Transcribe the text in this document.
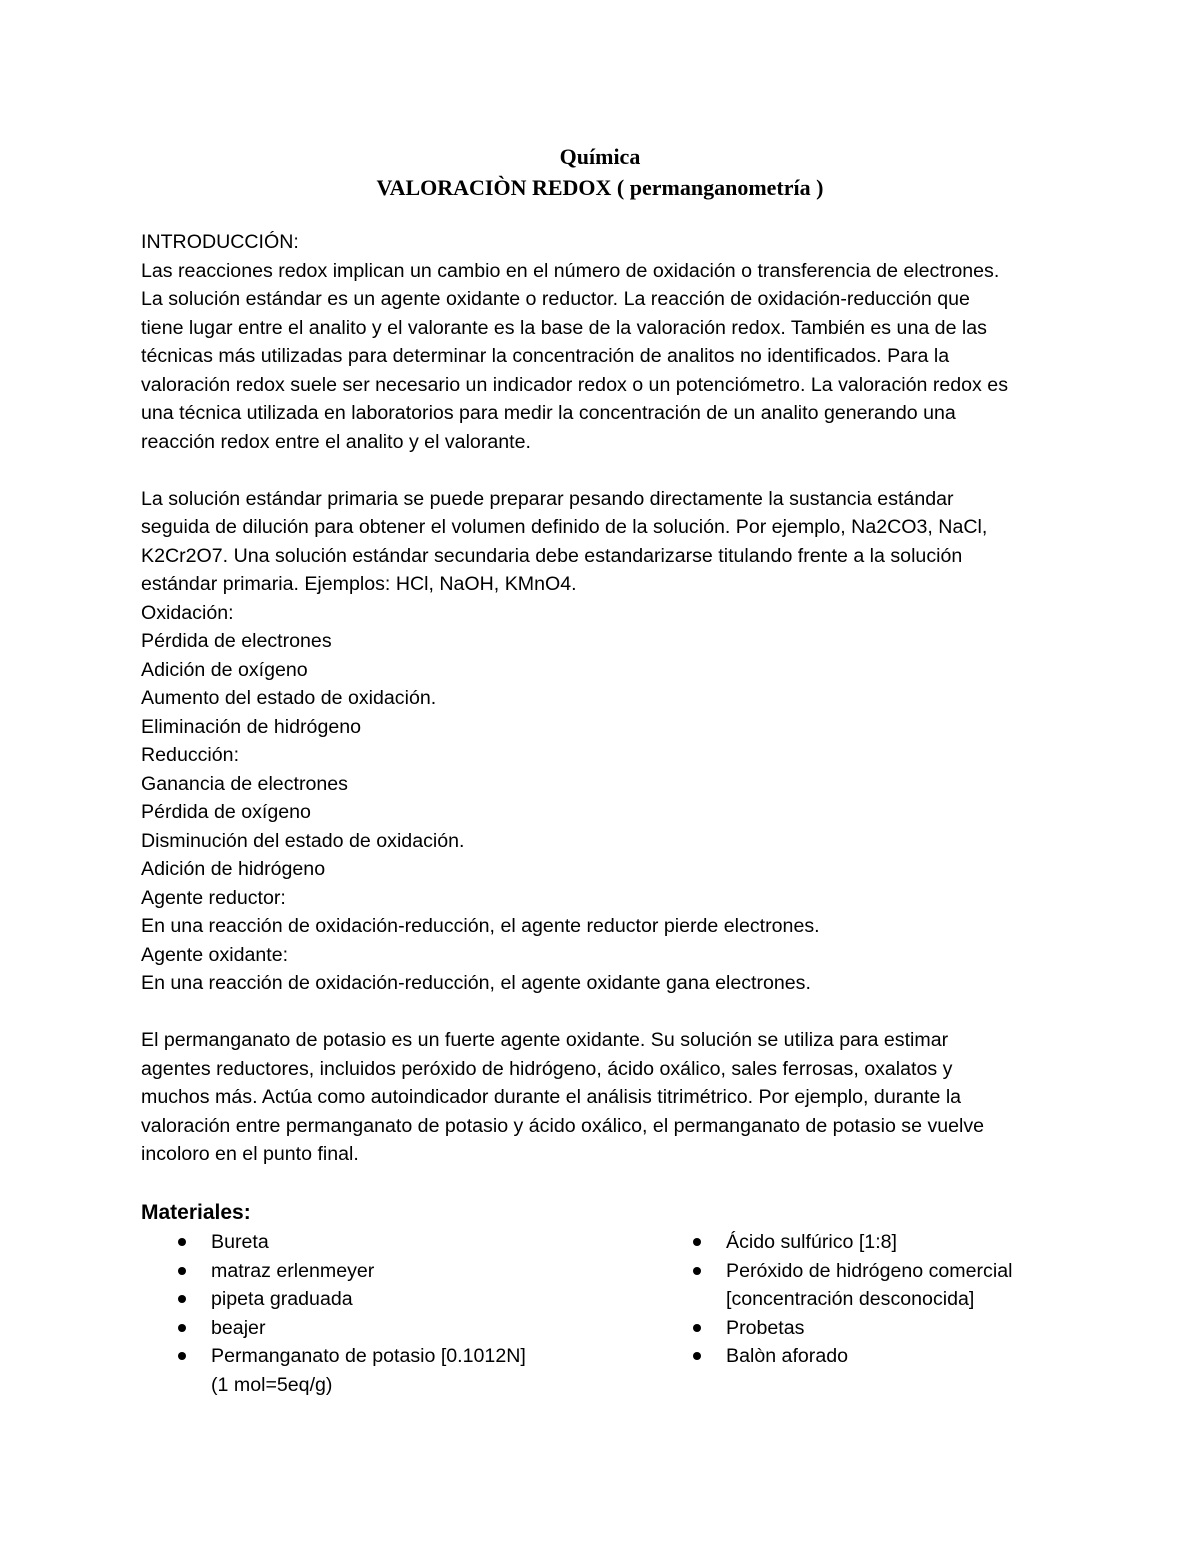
Química
VALORACIÒN REDOX ( permanganometría )
INTRODUCCIÓN:
Las reacciones redox implican un cambio en el número de oxidación o transferencia de electrones.
La solución estándar es un agente oxidante o reductor. La reacción de oxidación-reducción que
tiene lugar entre el analito y el valorante es la base de la valoración redox. También es una de las
técnicas más utilizadas para determinar la concentración de analitos no identificados. Para la
valoración redox suele ser necesario un indicador redox o un potenciómetro. La valoración redox es
una técnica utilizada en laboratorios para medir la concentración de un analito generando una
reacción redox entre el analito y el valorante.
La solución estándar primaria se puede preparar pesando directamente la sustancia estándar
seguida de dilución para obtener el volumen definido de la solución. Por ejemplo, Na2CO3, NaCl,
K2Cr2O7. Una solución estándar secundaria debe estandarizarse titulando frente a la solución
estándar primaria. Ejemplos: HCl, NaOH, KMnO4.
Oxidación:
Pérdida de electrones
Adición de oxígeno
Aumento del estado de oxidación.
Eliminación de hidrógeno
Reducción:
Ganancia de electrones
Pérdida de oxígeno
Disminución del estado de oxidación.
Adición de hidrógeno
Agente reductor:
En una reacción de oxidación-reducción, el agente reductor pierde electrones.
Agente oxidante:
En una reacción de oxidación-reducción, el agente oxidante gana electrones.
El permanganato de potasio es un fuerte agente oxidante. Su solución se utiliza para estimar
agentes reductores, incluidos peróxido de hidrógeno, ácido oxálico, sales ferrosas, oxalatos y
muchos más. Actúa como autoindicador durante el análisis titrimétrico. Por ejemplo, durante la
valoración entre permanganato de potasio y ácido oxálico, el permanganato de potasio se vuelve
incoloro en el punto final.
Materiales:
Bureta
matraz erlenmeyer
pipeta graduada
beajer
Permanganato de potasio [0.1012N]
(1 mol=5eq/g)
Ácido sulfúrico [1:8]
Peróxido de hidrógeno comercial
[concentración desconocida]
Probetas
Balòn aforado
